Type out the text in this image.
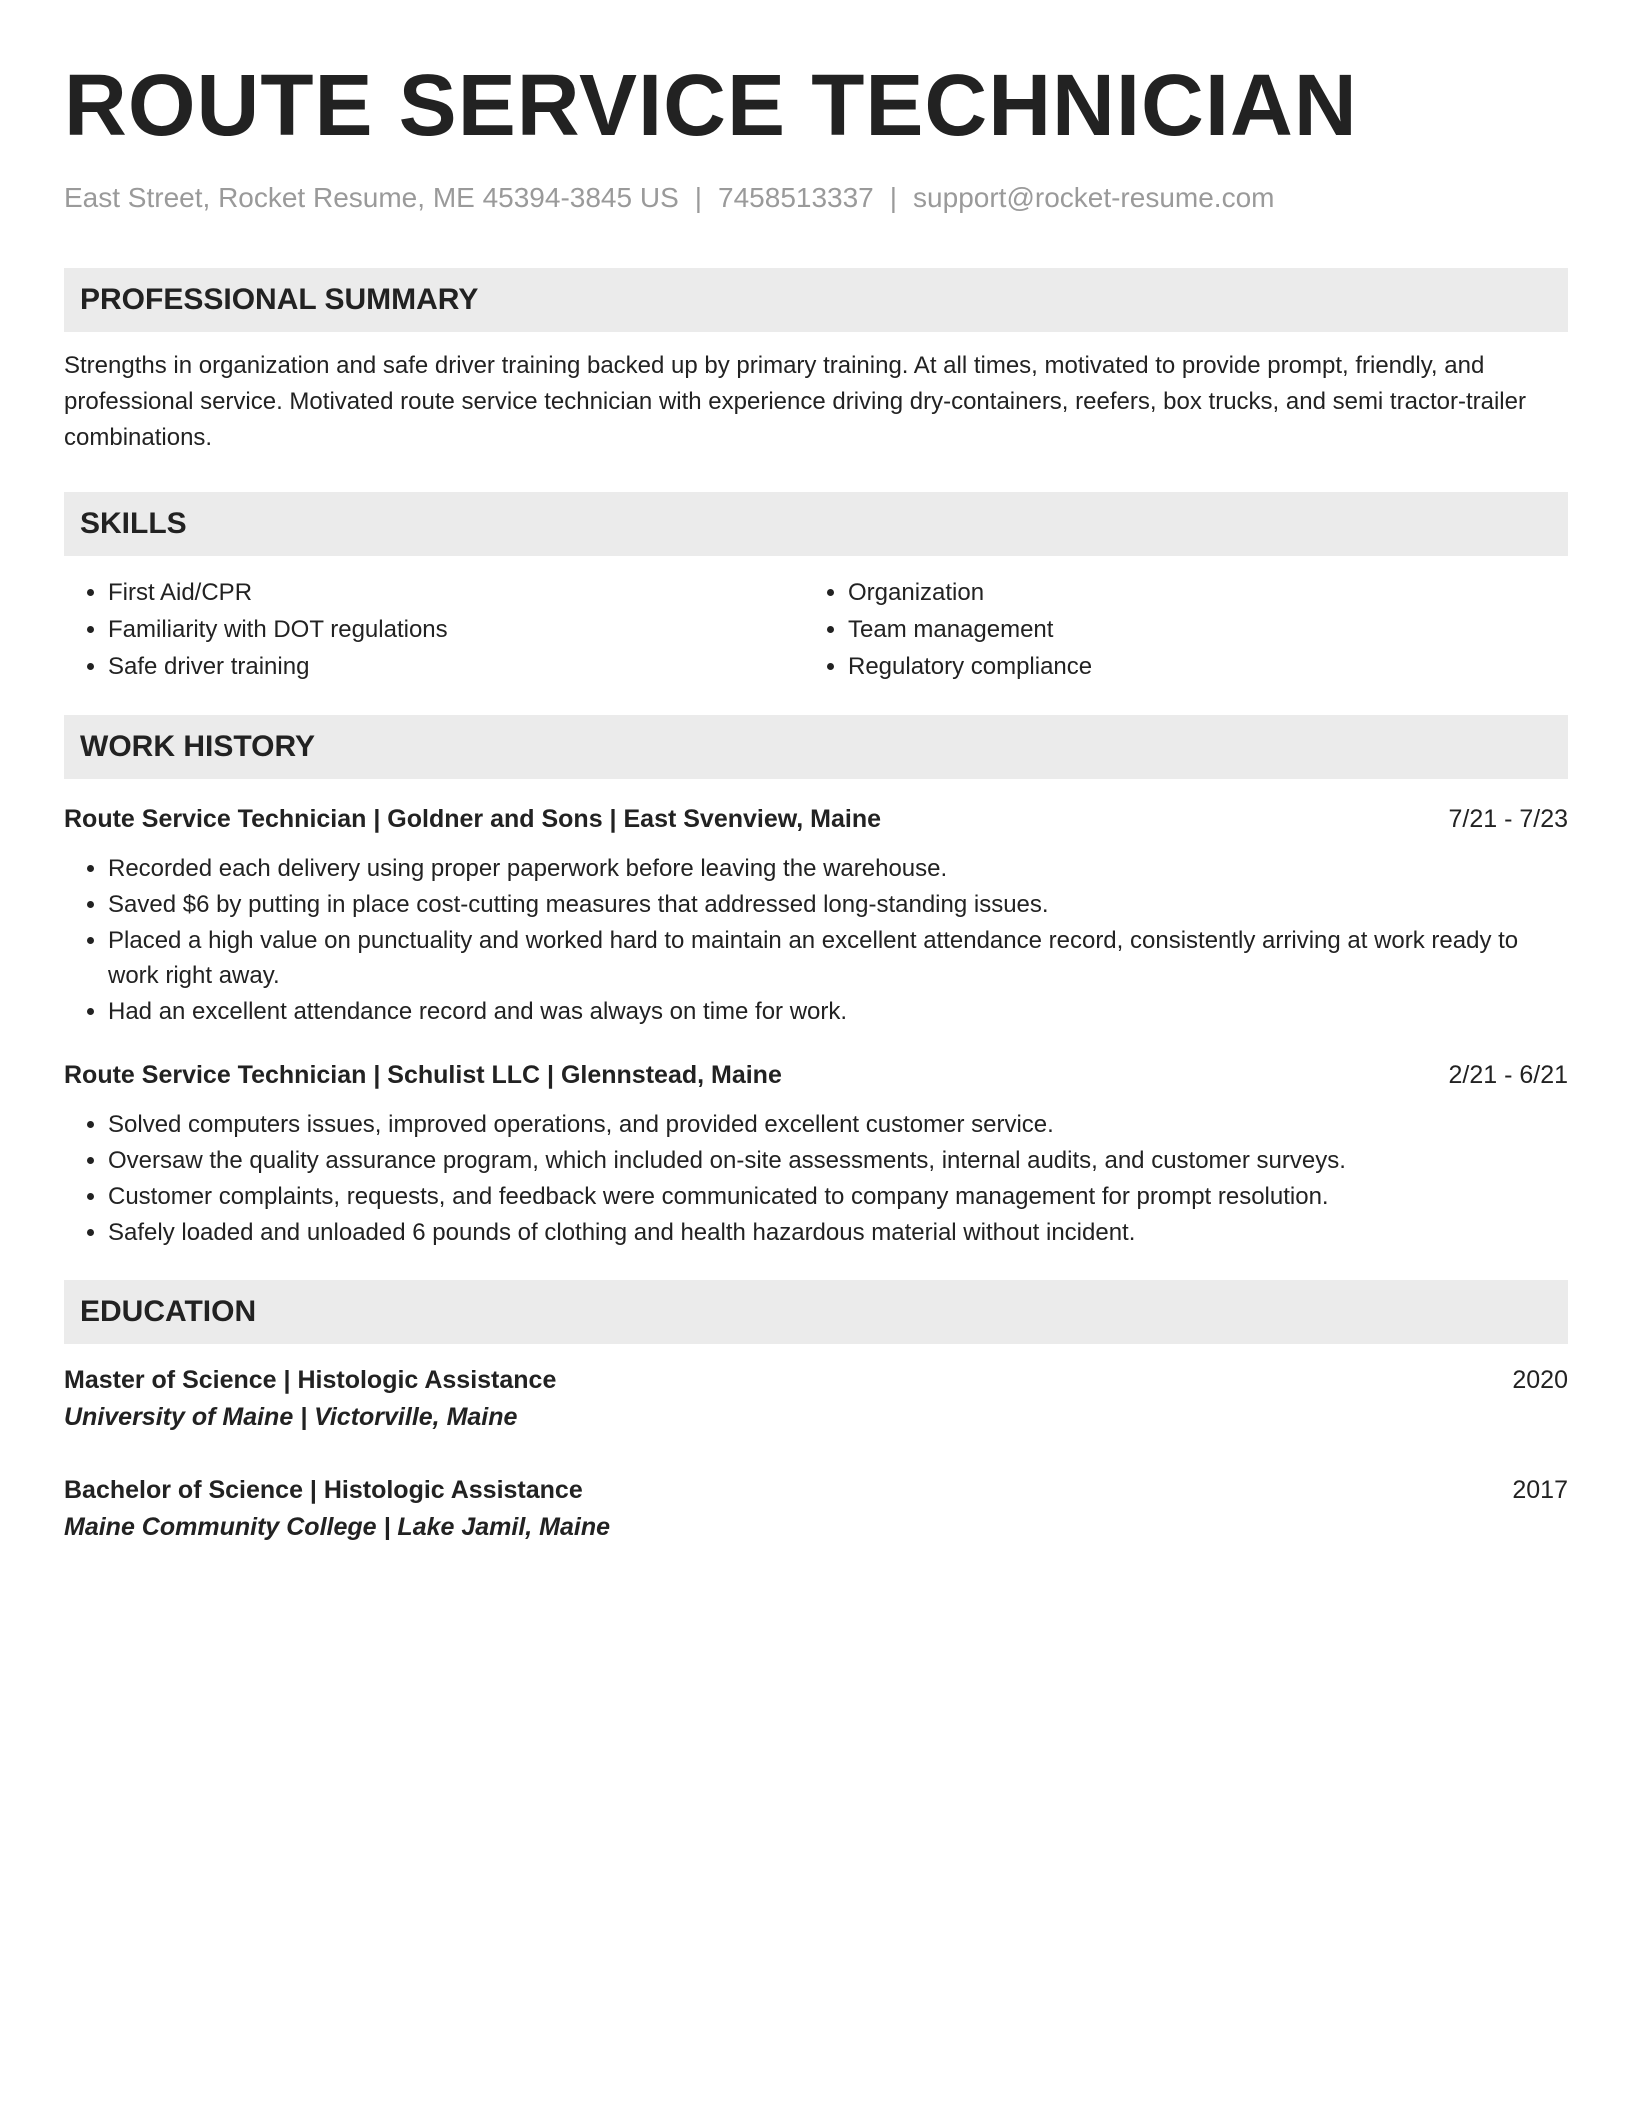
ROUTE SERVICE TECHNICIAN
East Street, Rocket Resume, ME 45394-3845 US | 7458513337 | support@rocket-resume.com
PROFESSIONAL SUMMARY

Strengths in organization and safe driver training backed up by primary training. At all times, motivated to provide prompt, friendly, and professional service. Motivated route service technician with experience driving dry-containers, reefers, box trucks, and semi tractor-trailer combinations.

SKILLS
• First Aid/CPR
• Familiarity with DOT regulations
• Safe driver training
• Organization
• Team management
• Regulatory compliance
WORK HISTORY
Route Service Technician | Goldner and Sons | East Svenview, Maine	7/21 - 7/23
• Recorded each delivery using proper paperwork before leaving the warehouse.
• Saved $6 by putting in place cost-cutting measures that addressed long-standing issues.
• Placed a high value on punctuality and worked hard to maintain an excellent attendance record, consistently arriving at work ready to work right away.
• Had an excellent attendance record and was always on time for work.
Route Service Technician | Schulist LLC | Glennstead, Maine	2/21 - 6/21
• Solved computers issues, improved operations, and provided excellent customer service.
• Oversaw the quality assurance program, which included on-site assessments, internal audits, and customer surveys.
• Customer complaints, requests, and feedback were communicated to company management for prompt resolution.
• Safely loaded and unloaded 6 pounds of clothing and health hazardous material without incident.
EDUCATION
Master of Science | Histologic Assistance	2020
University of Maine | Victorville, Maine
Bachelor of Science | Histologic Assistance	2017
Maine Community College | Lake Jamil, Maine
